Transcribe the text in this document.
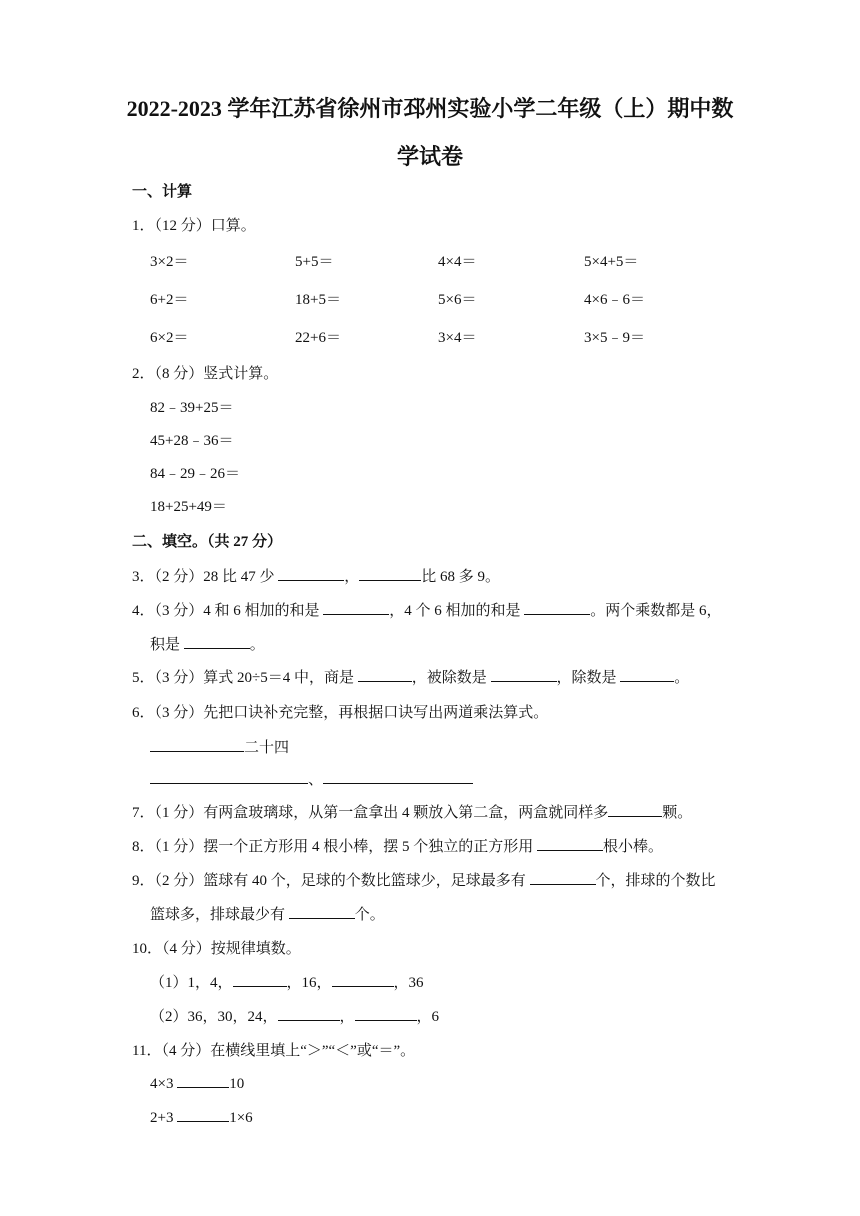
2022-2023 学年江苏省徐州市邳州实验小学二年级（上）期中数
学试卷
一、计算
1．（12 分）口算。
3×2＝	5+5＝	4×4＝	5×4+5＝
6+2＝	18+5＝	5×6＝	4×6﹣6＝
6×2＝	22+6＝	3×4＝	3×5﹣9＝
2．（8 分）竖式计算。
82﹣39+25＝
45+28﹣36＝
84﹣29﹣26＝
18+25+49＝
二、填空。（共 27 分）
3．（2 分）28 比 47 少	，	比 68 多 9。
4．（3 分）4 和 6 相加的和是	，4 个 6 相加的和是	。两个乘数都是 6，
积是	。
5．（3 分）算式 20÷5＝4 中，商是	，被除数是	，除数是	。
6．（3 分）先把口诀补充完整，再根据口诀写出两道乘法算式。
二十四
、
7．（1 分）有两盒玻璃球，从第一盒拿出 4 颗放入第二盒，两盒就同样多	颗。
8．（1 分）摆一个正方形用 4 根小棒，摆 5 个独立的正方形用	根小棒。
9．（2 分）篮球有 40 个，足球的个数比篮球少，足球最多有	个，排球的个数比
篮球多，排球最少有	个。
10．（4 分）按规律填数。
（1）1，4，	，16，	，36
（2）36，30，24，	，	，6
11．（4 分）在横线里填上“＞”“＜”或“＝”。
4×3	10
2+3	1×6
